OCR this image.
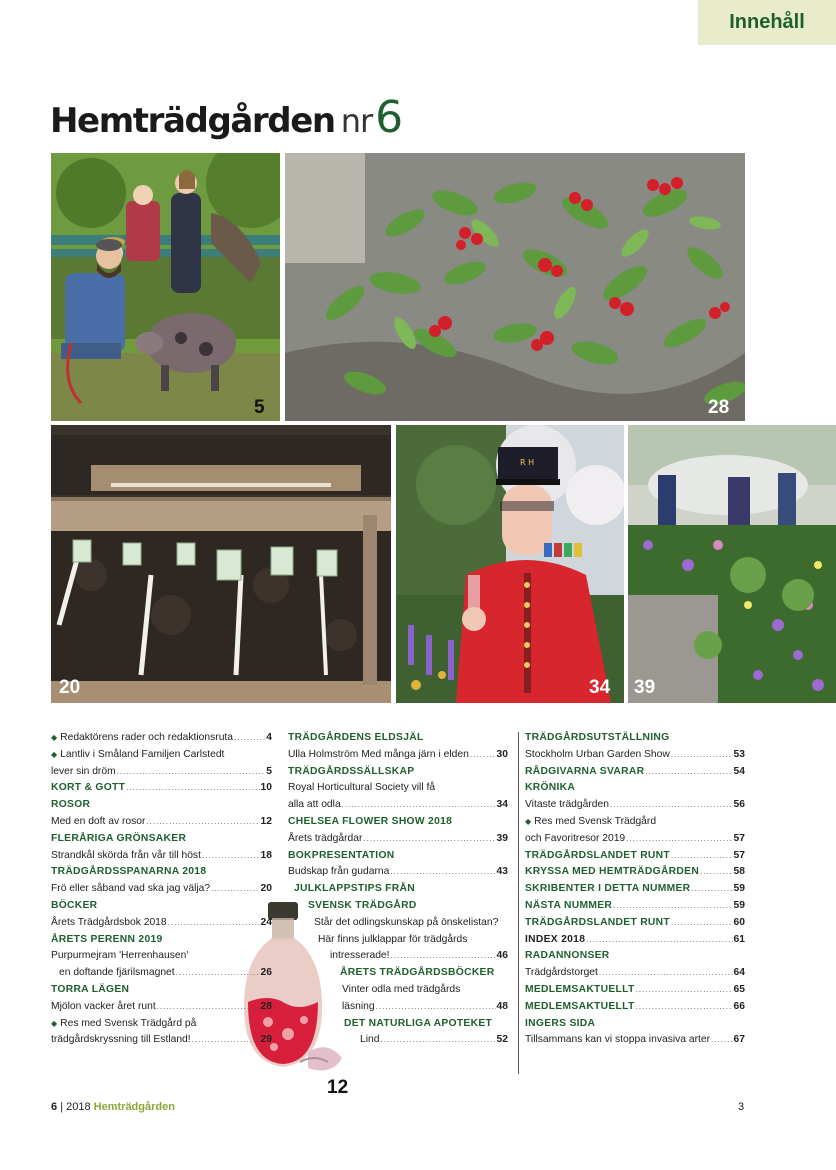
Innehåll
Hemträdgården nr 6
5	28
20
R H
34 39
12
◆ Redaktörens rader och redaktionsruta .....	4
◆ Lantliv i Småland Familjen Carlstedt
lever sin dröm .....	5
KORT & GOTT .....	10
ROSOR
Med en doft av rosor .....	12
FLERÅRIGA GRÖNSAKER
Strandkål skörda från vår till höst .....	18
TRÄDGÅRDSSPANARNA 2018
Frö eller såband vad ska jag välja? .....	20
BÖCKER
Årets Trädgårdsbok 2018 .....	24
ÅRETS PERENN 2019
Purpurmejram 'Herrenhausen'
en doftande fjärilsmagnet .....	26
TORRA LÄGEN
Mjölon vacker året runt .....	28
◆ Res med Svensk Trädgård på
trädgårdskryssning till Estland! .....	29
TRÄDGÅRDENS ELDSJÄL
Ulla Holmström Med många järn i elden .....	30
TRÄDGÅRDSSÄLLSKAP
Royal Horticultural Society vill få
alla att odla .....	34
CHELSEA FLOWER SHOW 2018
Årets trädgårdar .....	39
BOKPRESENTATION
Budskap från gudarna .....	43
JULKLAPPSTIPS FRÅN
SVENSK TRÄDGÅRD
Står det odlingskunskap på önskelistan?
Här finns julklappar för trädgårds
intresserade! .....	46
ÅRETS TRÄDGÅRDSBÖCKER
Vinter odla med trädgårds
läsning .....	48
DET NATURLIGA APOTEKET
Lind .....	52
TRÄDGÅRDSUTSTÄLLNING
Stockholm Urban Garden Show .....	53
RÅDGIVARNA SVARAR .....	54
KRÖNIKA
Vitaste trädgården .....	56
◆ Res med Svensk Trädgård
och Favoritresor 2019 .....	57
TRÄDGÅRDSLANDET RUNT .....	57
KRYSSA MED HEMTRÄDGÅRDEN .....	58
SKRIBENTER I DETTA NUMMER .....	59
NÄSTA NUMMER .....	59
TRÄDGÅRDSLANDET RUNT .....	60
INDEX 2018 .....	61
RADANNONSER
Trädgårdstorget .....	64
MEDLEMSAKTUELLT .....	65
MEDLEMSAKTUELLT .....	66
INGERS SIDA
Tillsammans kan vi stoppa invasiva arter ..... 67
6 | 2018 Hemträdgården	3
